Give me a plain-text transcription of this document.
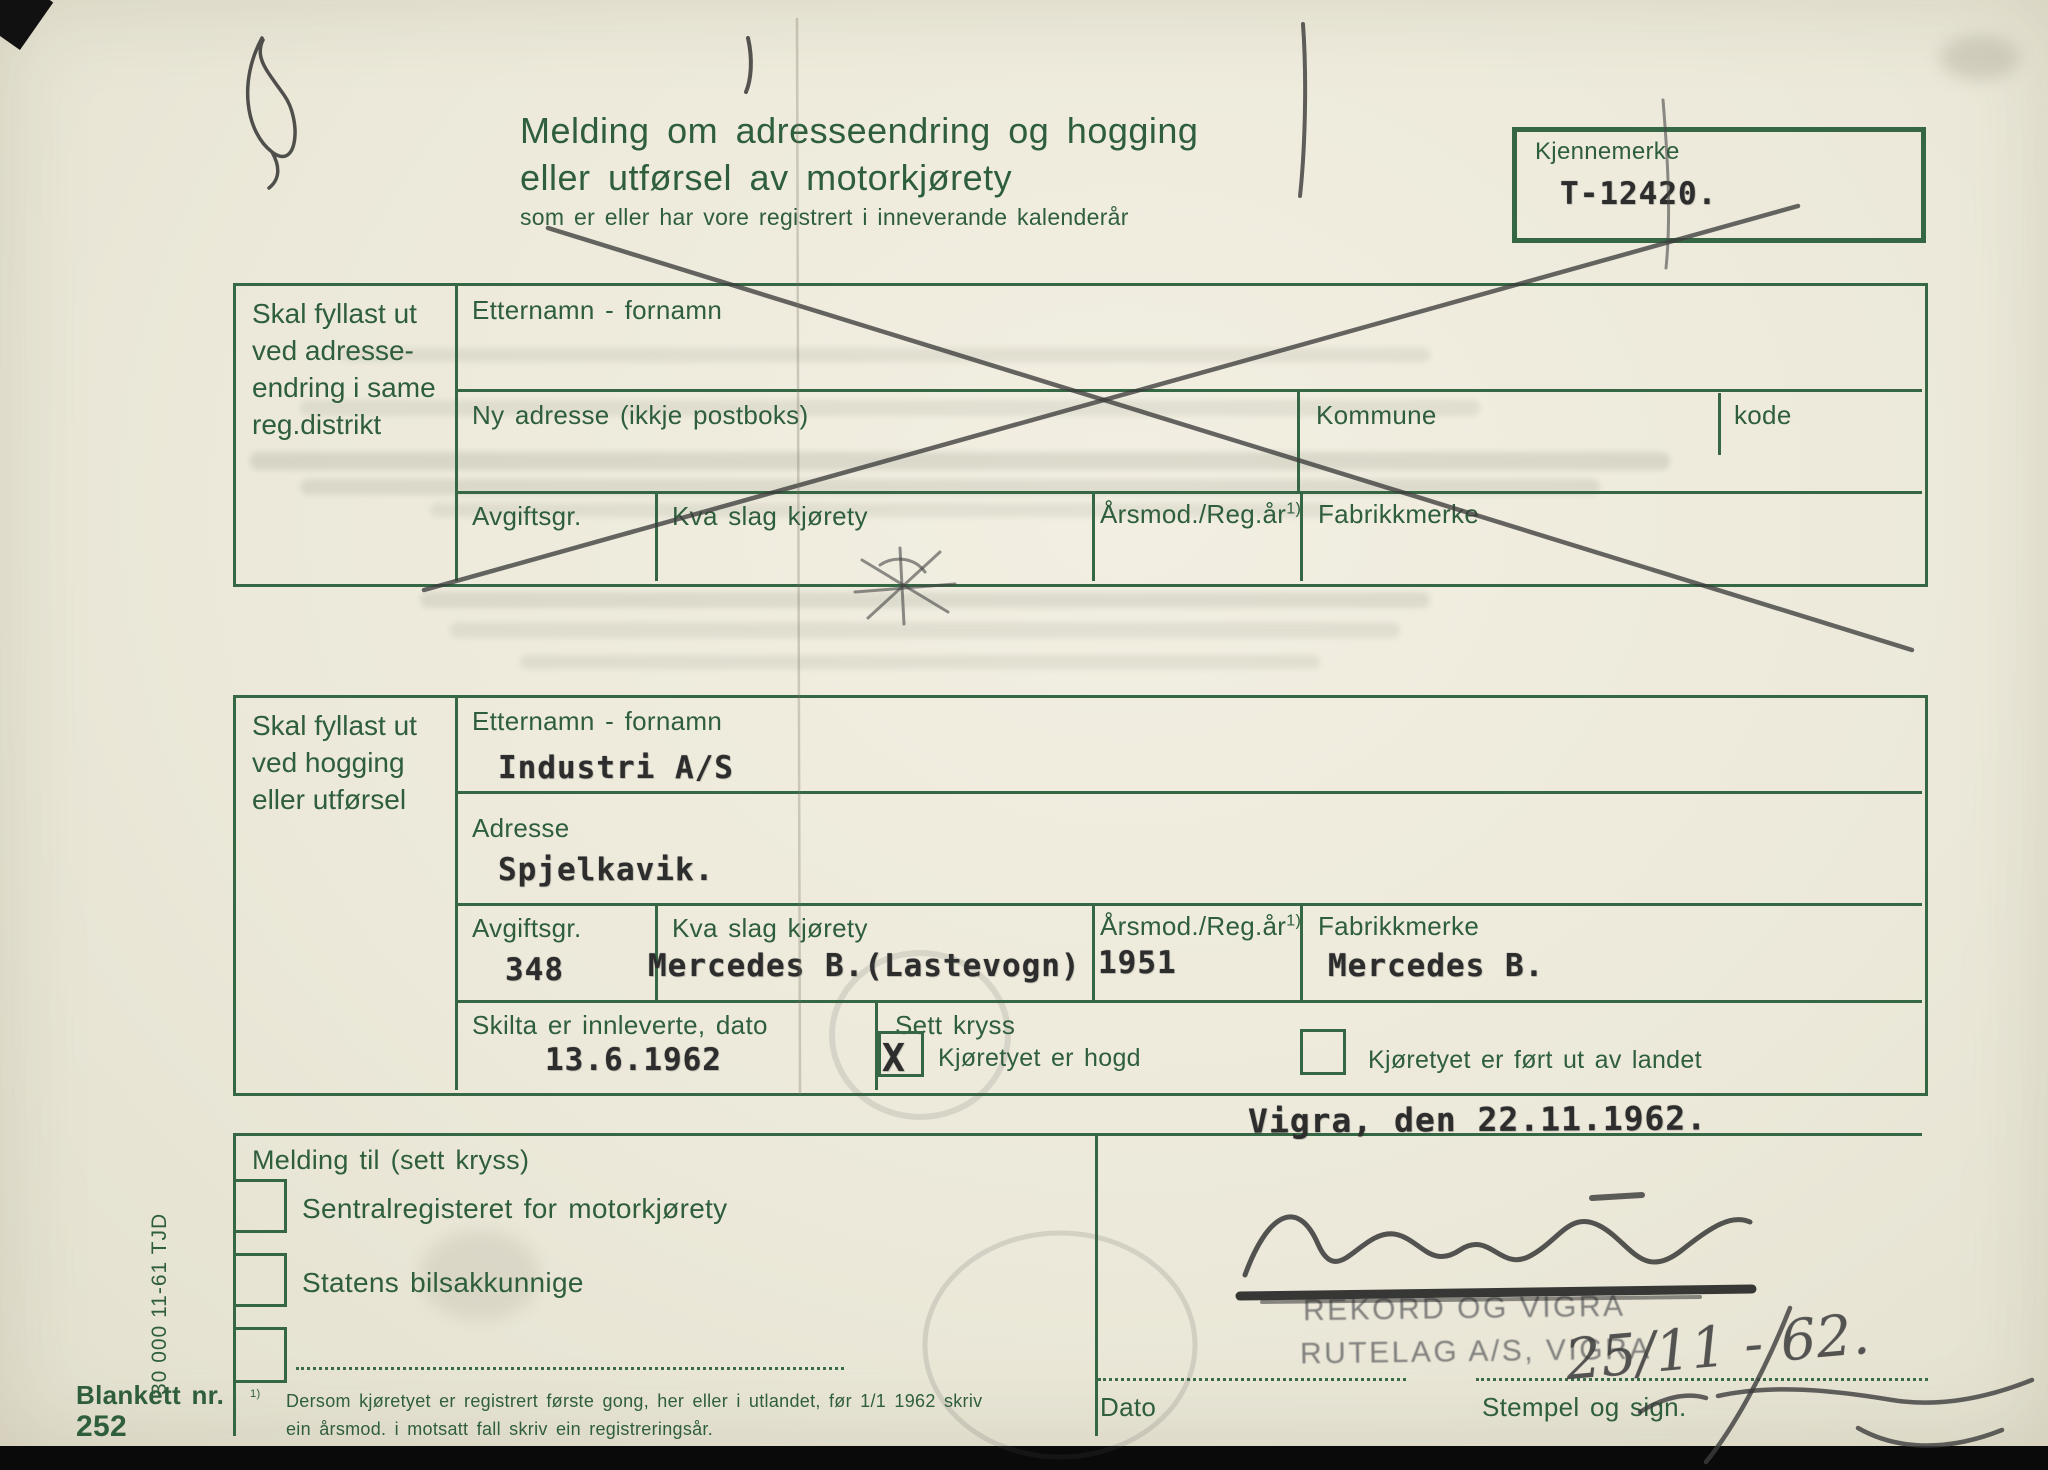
Melding om adresseendring og hogging
eller utførsel av motorkjørety
som er eller har vore registrert i inneverande kalenderår
Kjennemerke
T-12420.
Skal fyllast ut ved adresse-endring i same reg.distrikt
Etternamn - fornamn
Ny adresse (ikkje postboks)	Kommune	kode
Avgiftsgr.	Kva slag kjørety	$Årsmod./Reg.år^{1)}$ Fabrikkmerke
Skal fyllast ut ved hogging eller utførsel
Etternamn - fornamn
Industri A/S
Adresse
Spjelkavik.
Avgiftsgr.
348
Kva slag kjørety
Mercedes B.(Lastevogn)
$Årsmod./Reg.år^{1)}$
1951
Fabrikkmerke
Mercedes B.
Skilta er innleverte, dato
13.6.1962
Sett kryss
X Kjøretyet er hogd	Kjøretyet er ført ut av landet
Melding til (sett kryss)
Sentralregisteret for motorkjørety
Statens bilsakkunnige
$^{1)}$ Dersom kjøretyet er registrert første gong, her eller i utlandet, før 1/1 1962 skriv ein årsmod. i motsatt fall skriv ein registreringsår.
Dato	Stempel og sign.
Vigra, den 22.11.1962.
REKORD OG VIGRA
RUTELAG A/S, VIGRA
25/11 - 62.
30 000 11-61 TJD
Blankett nr.
252
